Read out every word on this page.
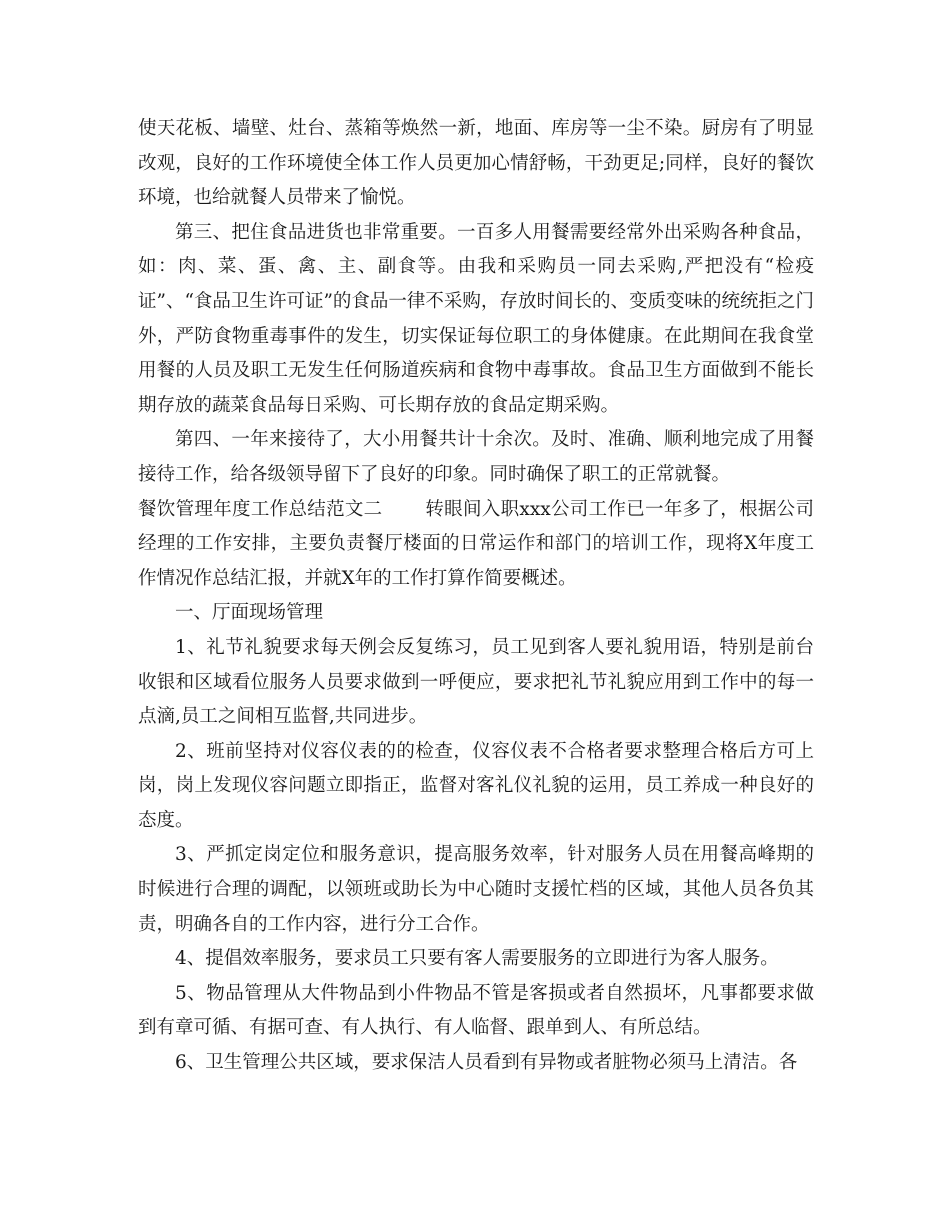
使天花板、墙壁、灶台、蒸箱等焕然一新，地面、库房等一尘不染。厨房有了明显改观，良好的工作环境使全体工作人员更加心情舒畅，干劲更足;同样，良好的餐饮环境，也给就餐人员带来了愉悦。

第三、把住食品进货也非常重要。一百多人用餐需要经常外出采购各种食品，如：肉、菜、蛋、禽、主、副食等。由我和采购员一同去采购,严把没有“检疫证”、“食品卫生许可证”的食品一律不采购，存放时间长的、变质变味的统统拒之门外，严防食物重毒事件的发生，切实保证每位职工的身体健康。在此期间在我食堂用餐的人员及职工无发生任何肠道疾病和食物中毒事故。食品卫生方面做到不能长期存放的蔬菜食品每日采购、可长期存放的食品定期采购。

第四、一年来接待了，大小用餐共计十余次。及时、准确、顺利地完成了用餐接待工作，给各级领导留下了良好的印象。同时确保了职工的正常就餐。

餐饮管理年度工作总结范文二 转眼间入职xxx公司工作已一年多了，根据公司经理的工作安排，主要负责餐厅楼面的日常运作和部门的培训工作，现将X年度工作情况作总结汇报，并就X年的工作打算作简要概述。

一、厅面现场管理

1、礼节礼貌要求每天例会反复练习，员工见到客人要礼貌用语，特别是前台收银和区域看位服务人员要求做到一呼便应，要求把礼节礼貌应用到工作中的每一点滴,员工之间相互监督,共同进步。

2、班前坚持对仪容仪表的的检查，仪容仪表不合格者要求整理合格后方可上岗，岗上发现仪容问题立即指正，监督对客礼仪礼貌的运用，员工养成一种良好的态度。

3、严抓定岗定位和服务意识，提高服务效率，针对服务人员在用餐高峰期的时候进行合理的调配，以领班或助长为中心随时支援忙档的区域，其他人员各负其责，明确各自的工作内容，进行分工合作。

4、提倡效率服务，要求员工只要有客人需要服务的立即进行为客人服务。

5、物品管理从大件物品到小件物品不管是客损或者自然损坏，凡事都要求做到有章可循、有据可查、有人执行、有人临督、跟单到人、有所总结。

6、卫生管理公共区域，要求保洁人员看到有异物或者脏物必须马上清洁。各
